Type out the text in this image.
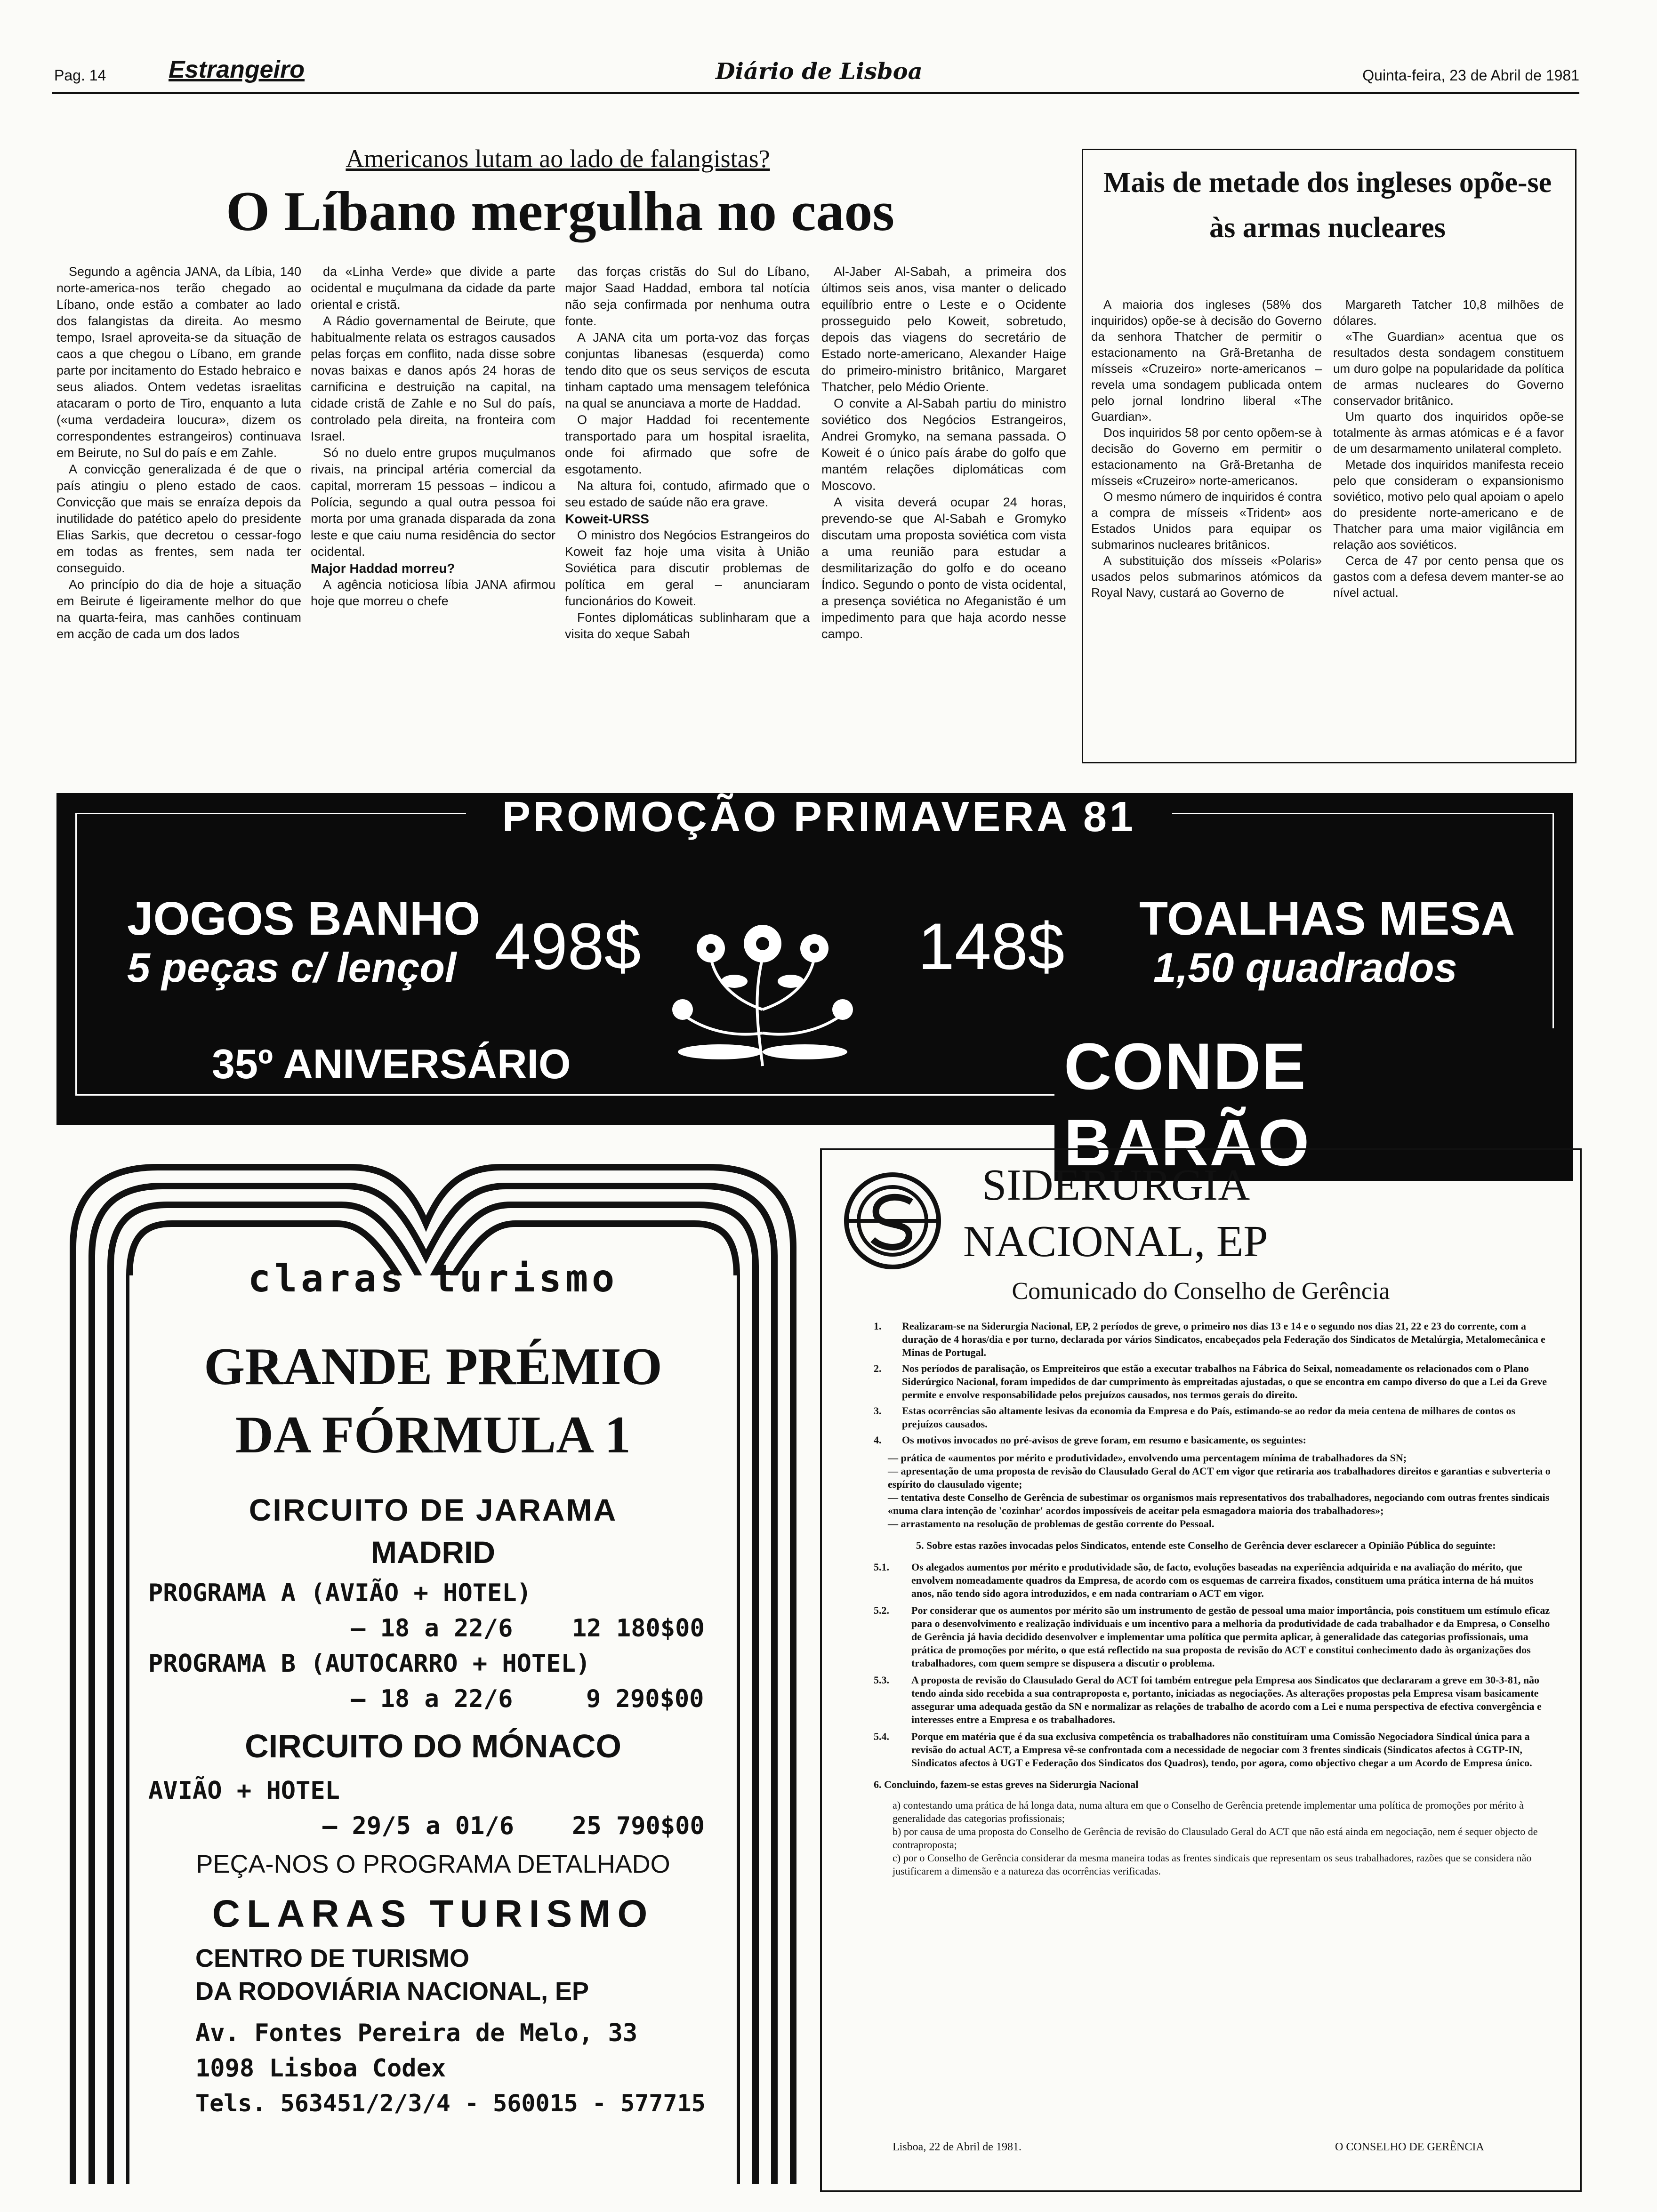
Pag. 14	Estrangeiro	Diário de Lisboa	Quinta-feira, 23 de Abril de 1981
Americanos lutam ao lado de falangistas?
O Líbano mergulha no caos

Segundo a agência JANA, da Líbia, 140 norte-america-nos terão chegado ao Líbano, onde estão a combater ao lado dos falangistas da direita. Ao mesmo tempo, Israel aproveita-se da situação de caos a que chegou o Líbano, em grande parte por incitamento do Estado hebraico e seus aliados. Ontem vedetas israelitas atacaram o porto de Tiro, enquanto a luta («uma verdadeira loucura», dizem os correspondentes estrangeiros) continuava em Beirute, no Sul do país e em Zahle.

A convicção generalizada é de que o país atingiu o pleno estado de caos. Convicção que mais se enraíza depois da inutilidade do patético apelo do presidente Elias Sarkis, que decretou o cessar-fogo em todas as frentes, sem nada ter conseguido.

Ao princípio do dia de hoje a situação em Beirute é ligeiramente melhor do que na quarta-feira, mas canhões continuam em acção de cada um dos lados

da «Linha Verde» que divide a parte ocidental e muçulmana da cidade da parte oriental e cristã.

A Rádio governamental de Beirute, que habitualmente relata os estragos causados pelas forças em conflito, nada disse sobre novas baixas e danos após 24 horas de carnificina e destruição na capital, na cidade cristã de Zahle e no Sul do país, controlado pela direita, na fronteira com Israel.

Só no duelo entre grupos muçulmanos rivais, na principal artéria comercial da capital, morreram 15 pessoas – indicou a Polícia, segundo a qual outra pessoa foi morta por uma granada disparada da zona leste e que caiu numa residência do sector ocidental.

Major Haddad morreu?

A agência noticiosa líbia JANA afirmou hoje que morreu o chefe

das forças cristãs do Sul do Líbano, major Saad Haddad, embora tal notícia não seja confirmada por nenhuma outra fonte.

A JANA cita um porta-voz das forças conjuntas libanesas (esquerda) como tendo dito que os seus serviços de escuta tinham captado uma mensagem telefónica na qual se anunciava a morte de Haddad.

O major Haddad foi recentemente transportado para um hospital israelita, onde foi afirmado que sofre de esgotamento.

Na altura foi, contudo, afirmado que o seu estado de saúde não era grave.

Koweit-URSS

O ministro dos Negócios Estrangeiros do Koweit faz hoje uma visita à União Soviética para discutir problemas de política em geral – anunciaram funcionários do Koweit.

Fontes diplomáticas sublinharam que a visita do xeque Sabah

Al-Jaber Al-Sabah, a primeira dos últimos seis anos, visa manter o delicado equilíbrio entre o Leste e o Ocidente prosseguido pelo Koweit, sobretudo, depois das viagens do secretário de Estado norte-americano, Alexander Haige do primeiro-ministro britânico, Margaret Thatcher, pelo Médio Oriente.

O convite a Al-Sabah partiu do ministro soviético dos Negócios Estrangeiros, Andrei Gromyko, na semana passada. O Koweit é o único país árabe do golfo que mantém relações diplomáticas com Moscovo.

A visita deverá ocupar 24 horas, prevendo-se que Al-Sabah e Gromyko discutam uma proposta soviética com vista a uma reunião para estudar a desmilitarização do golfo e do oceano Índico. Segundo o ponto de vista ocidental, a presença soviética no Afeganistão é um impedimento para que haja acordo nesse campo.

Mais de metade dos ingleses opõe-se às armas nucleares

A maioria dos ingleses (58% dos inquiridos) opõe-se à decisão do Governo da senhora Thatcher de permitir o estacionamento na Grã-Bretanha de mísseis «Cruzeiro» norte-americanos – revela uma sondagem publicada ontem pelo jornal londrino liberal «The Guardian».

Dos inquiridos 58 por cento opõem-se à decisão do Governo em permitir o estacionamento na Grã-Bretanha de mísseis «Cruzeiro» norte-americanos.

O mesmo número de inquiridos é contra a compra de mísseis «Trident» aos Estados Unidos para equipar os submarinos nucleares britânicos.

A substituição dos mísseis «Polaris» usados pelos submarinos atómicos da Royal Navy, custará ao Governo de

Margareth Tatcher 10,8 milhões de dólares.

«The Guardian» acentua que os resultados desta sondagem constituem um duro golpe na popularidade da política de armas nucleares do Governo conservador britânico.

Um quarto dos inquiridos opõe-se totalmente às armas atómicas e é a favor de um desarmamento unilateral completo.

Metade dos inquiridos manifesta receio pelo que consideram o expansionismo soviético, motivo pelo qual apoiam o apelo do presidente norte-americano e de Thatcher para uma maior vigilância em relação aos soviéticos.

Cerca de 47 por cento pensa que os gastos com a defesa devem manter-se ao nível actual.

PROMOÇÃO PRIMAVERA 81
JOGOS BANHO
5 peças c/ lençol 498$	148$ TOALHAS MESA
1,50 quadrados
35º ANIVERSÁRIO	CONDE BARÃO
claras turismo
GRANDE PRÉMIO
DA FÓRMULA 1
CIRCUITO DE JARAMA
MADRID
PROGRAMA A (AVIÃO + HOTEL)
— 18 a 22/6 12 180$00
PROGRAMA B (AUTOCARRO + HOTEL)
— 18 a 22/6	9 290$00
CIRCUITO DO MÓNACO
AVIÃO + HOTEL
— 29/5 a 01/6 25 790$00
PEÇA-NOS O PROGRAMA DETALHADO
CLARAS TURISMO
CENTRO DE TURISMO
DA RODOVIÁRIA NACIONAL, EP
Av. Fontes Pereira de Melo, 33
1098 Lisboa Codex
Tels. 563451/2/3/4 - 560015 - 577715
SIDERURGIA
NACIONAL, EP
Comunicado do Conselho de Gerência
1.	Realizaram-se na Siderurgia Nacional, EP, 2 períodos de greve, o primeiro nos dias 13 e 14 e o segundo nos dias 21, 22 e 23 do corrente, com a duração de 4 horas/dia e por turno, declarada por vários Sindicatos, encabeçados pela Federação dos Sindicatos de Metalúrgia, Metalomecânica e Minas de Portugal.
2.	Nos períodos de paralisação, os Empreiteiros que estão a executar trabalhos na Fábrica do Seixal, nomeadamente os relacionados com o Plano Siderúrgico Nacional, foram impedidos de dar cumprimento às empreitadas ajustadas, o que se encontra em campo diverso do que a Lei da Greve permite e envolve responsabilidade pelos prejuízos causados, nos termos gerais do direito.
3.	Estas ocorrências são altamente lesivas da economia da Empresa e do País, estimando-se ao redor da meia centena de milhares de contos os prejuízos causados.
4.	Os motivos invocados no pré-avisos de greve foram, em resumo e basicamente, os seguintes:
— prática de «aumentos por mérito e produtividade», envolvendo uma percentagem mínima de trabalhadores da SN;
— apresentação de uma proposta de revisão do Clausulado Geral do ACT em vigor que retiraria aos trabalhadores direitos e garantias e subverteria o espírito do clausulado vigente;
— tentativa deste Conselho de Gerência de subestimar os organismos mais representativos dos trabalhadores, negociando com outras frentes sindicais «numa clara intenção de 'cozinhar' acordos impossíveis de aceitar pela esmagadora maioria dos trabalhadores»;
— arrastamento na resolução de problemas de gestão corrente do Pessoal.
5. Sobre estas razões invocadas pelos Sindicatos, entende este Conselho de Gerência dever esclarecer a Opinião Pública do seguinte:
5.1.	Os alegados aumentos por mérito e produtividade são, de facto, evoluções baseadas na experiência adquirida e na avaliação do mérito, que envolvem nomeadamente quadros da Empresa, de acordo com os esquemas de carreira fixados, constituem uma prática interna de há muitos anos, não tendo sido agora introduzidos, e em nada contrariam o ACT em vigor.
5.2.	Por considerar que os aumentos por mérito são um instrumento de gestão de pessoal uma maior importância, pois constituem um estímulo eficaz para o desenvolvimento e realização individuais e um incentivo para a melhoria da produtividade de cada trabalhador e da Empresa, o Conselho de Gerência já havia decidido desenvolver e implementar uma política que permita aplicar, à generalidade das categorias profissionais, uma prática de promoções por mérito, o que está reflectido na sua proposta de revisão do ACT e constitui conhecimento dado às organizações dos trabalhadores, com quem sempre se dispusera a discutir o problema.
5.3.	A proposta de revisão do Clausulado Geral do ACT foi também entregue pela Empresa aos Sindicatos que declararam a greve em 30-3-81, não tendo ainda sido recebida a sua contraproposta e, portanto, iniciadas as negociações. As alterações propostas pela Empresa visam basicamente assegurar uma adequada gestão da SN e normalizar as relações de trabalho de acordo com a Lei e numa perspectiva de efectiva convergência e interesses entre a Empresa e os trabalhadores.
5.4.	Porque em matéria que é da sua exclusiva competência os trabalhadores não constituíram uma Comissão Negociadora Sindical única para a revisão do actual ACT, a Empresa vê-se confrontada com a necessidade de negociar com 3 frentes sindicais (Sindicatos afectos à CGTP-IN, Sindicatos afectos à UGT e Federação dos Sindicatos dos Quadros), tendo, por agora, como objectivo chegar a um Acordo de Empresa único.
6. Concluindo, fazem-se estas greves na Siderurgia Nacional
a) contestando uma prática de há longa data, numa altura em que o Conselho de Gerência pretende implementar uma política de promoções por mérito à generalidade das categorias profissionais;
b) por causa de uma proposta do Conselho de Gerência de revisão do Clausulado Geral do ACT que não está ainda em negociação, nem é sequer objecto de contraproposta;
c) por o Conselho de Gerência considerar da mesma maneira todas as frentes sindicais que representam os seus trabalhadores, razões que se considera não justificarem a dimensão e a natureza das ocorrências verificadas.
Lisboa, 22 de Abril de 1981.	O CONSELHO DE GERÊNCIA
